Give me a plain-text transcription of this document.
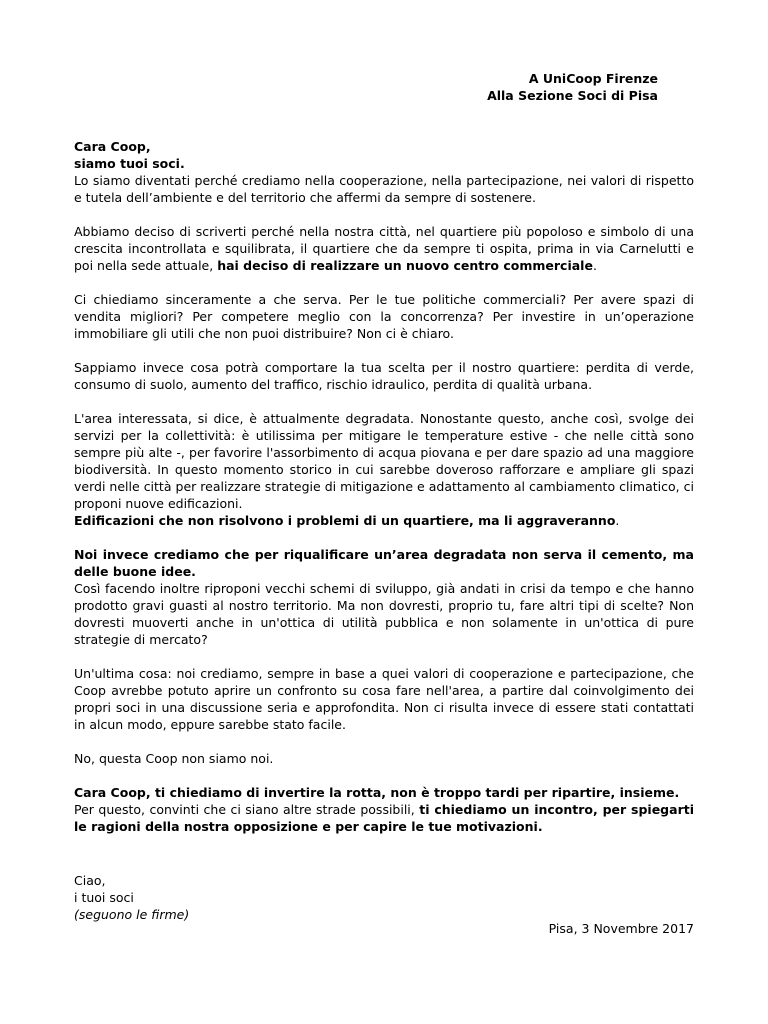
A UniCoop Firenze
Alla Sezione Soci di Pisa
Cara Coop,
siamo tuoi soci.

Lo siamo diventati perché crediamo nella cooperazione, nella partecipazione, nei valori di rispetto e tutela dell’ambiente e del territorio che affermi da sempre di sostenere.

Abbiamo deciso di scriverti perché nella nostra città, nel quartiere più popoloso e simbolo di una crescita incontrollata e squilibrata, il quartiere che da sempre ti ospita, prima in via Carnelutti e poi nella sede attuale, hai deciso di realizzare un nuovo centro commerciale.

Ci chiediamo sinceramente a che serva. Per le tue politiche commerciali? Per avere spazi di vendita migliori? Per competere meglio con la concorrenza? Per investire in un’operazione immobiliare gli utili che non puoi distribuire? Non ci è chiaro.

Sappiamo invece cosa potrà comportare la tua scelta per il nostro quartiere: perdita di verde, consumo di suolo, aumento del traffico, rischio idraulico, perdita di qualità urbana.

L'area interessata, si dice, è attualmente degradata. Nonostante questo, anche così, svolge dei servizi per la collettività: è utilissima per mitigare le temperature estive - che nelle città sono sempre più alte -, per favorire l'assorbimento di acqua piovana e per dare spazio ad una maggiore biodiversità. In questo momento storico in cui sarebbe doveroso rafforzare e ampliare gli spazi verdi nelle città per realizzare strategie di mitigazione e adattamento al cambiamento climatico, ci proponi nuove edificazioni.
Edificazioni che non risolvono i problemi di un quartiere, ma li aggraveranno.

Noi invece crediamo che per riqualificare un’area degradata non serva il cemento, ma delle buone idee.
Così facendo inoltre riproponi vecchi schemi di sviluppo, già andati in crisi da tempo e che hanno prodotto gravi guasti al nostro territorio. Ma non dovresti, proprio tu, fare altri tipi di scelte? Non dovresti muoverti anche in un'ottica di utilità pubblica e non solamente in un'ottica di pure strategie di mercato?

Un'ultima cosa: noi crediamo, sempre in base a quei valori di cooperazione e partecipazione, che Coop avrebbe potuto aprire un confronto su cosa fare nell'area, a partire dal coinvolgimento dei propri soci in una discussione seria e approfondita. Non ci risulta invece di essere stati contattati in alcun modo, eppure sarebbe stato facile.

No, questa Coop non siamo noi.

Cara Coop, ti chiediamo di invertire la rotta, non è troppo tardi per ripartire, insieme.
Per questo, convinti che ci siano altre strade possibili, ti chiediamo un incontro, per spiegarti le ragioni della nostra opposizione e per capire le tue motivazioni.

Ciao,
i tuoi soci
(seguono le firme)
Pisa, 3 Novembre 2017
